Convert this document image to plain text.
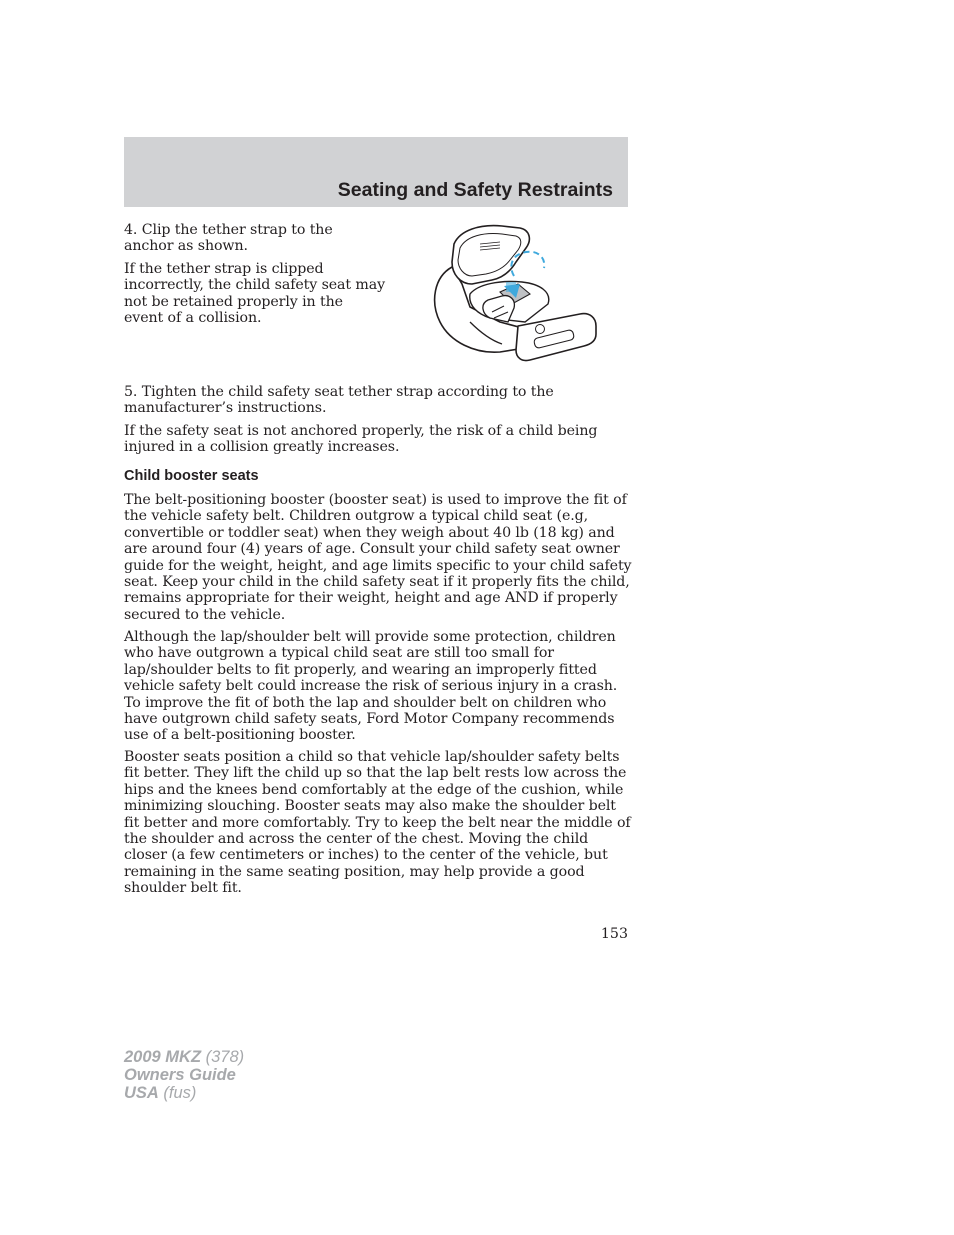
Seating and Safety Restraints

4. Clip the tether strap to the anchor as shown.

If the tether strap is clipped incorrectly, the child safety seat may not be retained properly in the event of a collision.

5. Tighten the child safety seat tether strap according to the manufacturer’s instructions.

If the safety seat is not anchored properly, the risk of a child being injured in a collision greatly increases.

Child booster seats

The belt-positioning booster (booster seat) is used to improve the fit of the vehicle safety belt. Children outgrow a typical child seat (e.g, convertible or toddler seat) when they weigh about 40 lb (18 kg) and are around four (4) years of age. Consult your child safety seat owner guide for the weight, height, and age limits specific to your child safety seat. Keep your child in the child safety seat if it properly fits the child, remains appropriate for their weight, height and age AND if properly secured to the vehicle.

Although the lap/shoulder belt will provide some protection, children who have outgrown a typical child seat are still too small for lap/shoulder belts to fit properly, and wearing an improperly fitted vehicle safety belt could increase the risk of serious injury in a crash. To improve the fit of both the lap and shoulder belt on children who have outgrown child safety seats, Ford Motor Company recommends use of a belt-positioning booster.

Booster seats position a child so that vehicle lap/shoulder safety belts fit better. They lift the child up so that the lap belt rests low across the hips and the knees bend comfortably at the edge of the cushion, while minimizing slouching. Booster seats may also make the shoulder belt fit better and more comfortably. Try to keep the belt near the middle of the shoulder and across the center of the chest. Moving the child closer (a few centimeters or inches) to the center of the vehicle, but remaining in the same seating position, may help provide a good shoulder belt fit.

153

2009 MKZ (378)
Owners Guide
USA (fus)
